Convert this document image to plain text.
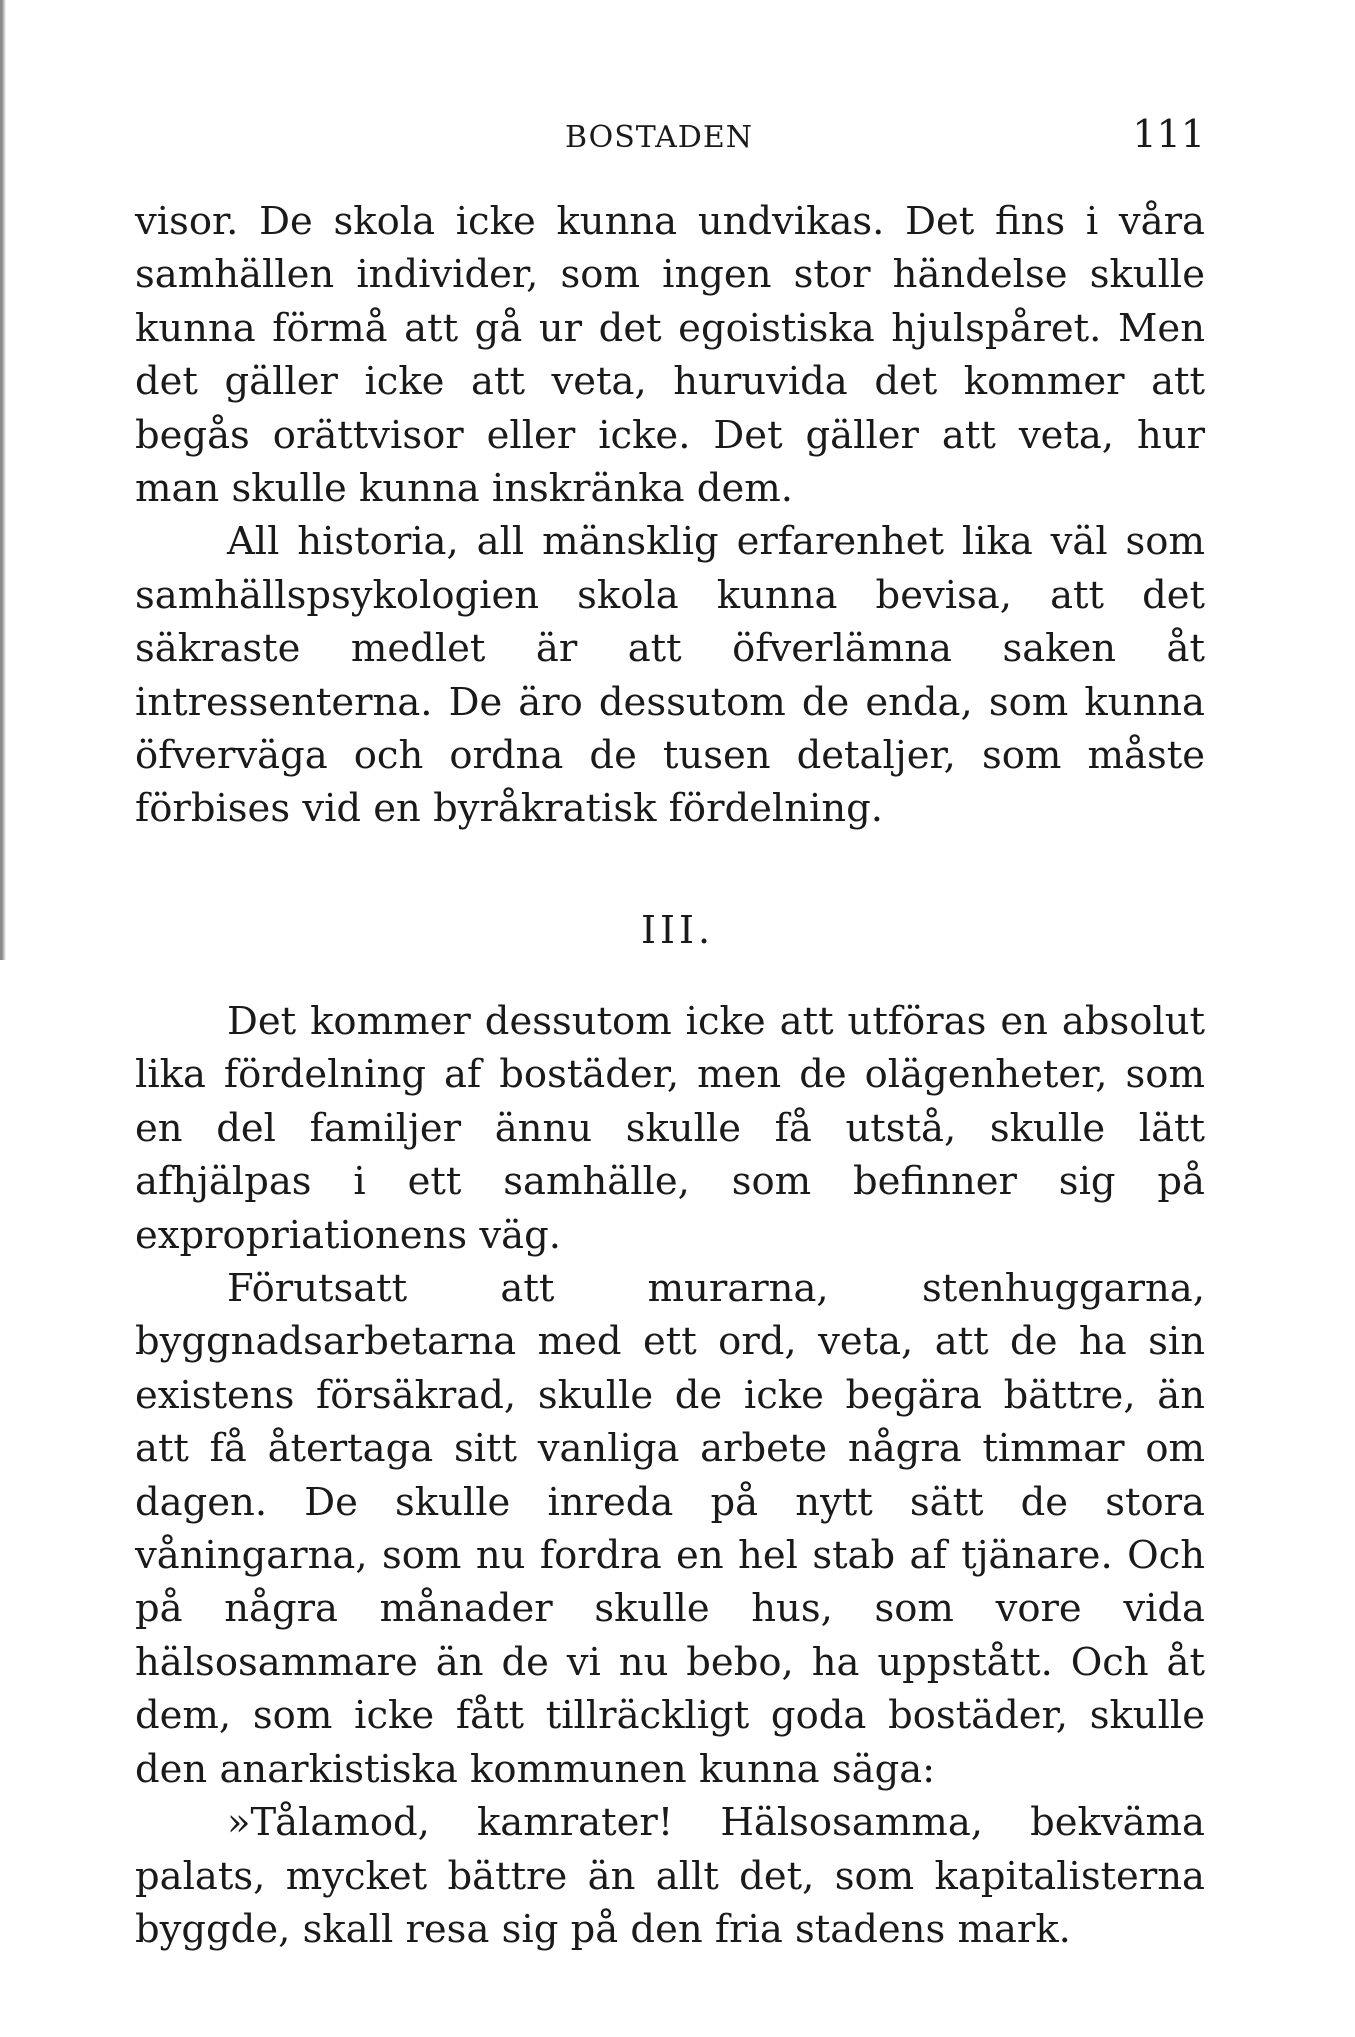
BOSTADEN	111

visor. De skola icke kunna undvikas. Det fins i våra samhällen individer, som ingen stor händelse skulle kunna förmå att gå ur det egoistiska hjulspåret. Men det gäller icke att veta, huruvida det kommer att begås orättvisor eller icke. Det gäller att veta, hur man skulle kunna inskränka dem.

All historia, all mänsklig erfarenhet lika väl som samhällspsykologien skola kunna bevisa, att det säkraste medlet är att öfverlämna saken åt intressenterna. De äro dessutom de enda, som kunna öfverväga och ordna de tusen detaljer, som måste förbises vid en byråkratisk fördelning.

III.

Det kommer dessutom icke att utföras en absolut lika fördelning af bostäder, men de olägenheter, som en del familjer ännu skulle få utstå, skulle lätt afhjälpas i ett samhälle, som befinner sig på expropriationens väg.

Förutsatt att murarna, stenhuggarna, byggnadsarbetarna med ett ord, veta, att de ha sin existens försäkrad, skulle de icke begära bättre, än att få återtaga sitt vanliga arbete några timmar om dagen. De skulle inreda på nytt sätt de stora våningarna, som nu fordra en hel stab af tjänare. Och på några månader skulle hus, som vore vida hälsosammare än de vi nu bebo, ha uppstått. Och åt dem, som icke fått tillräckligt goda bostäder, skulle den anarkistiska kommunen kunna säga:

»Tålamod, kamrater! Hälsosamma, bekväma palats, mycket bättre än allt det, som kapitalisterna byggde, skall resa sig på den fria stadens mark.
